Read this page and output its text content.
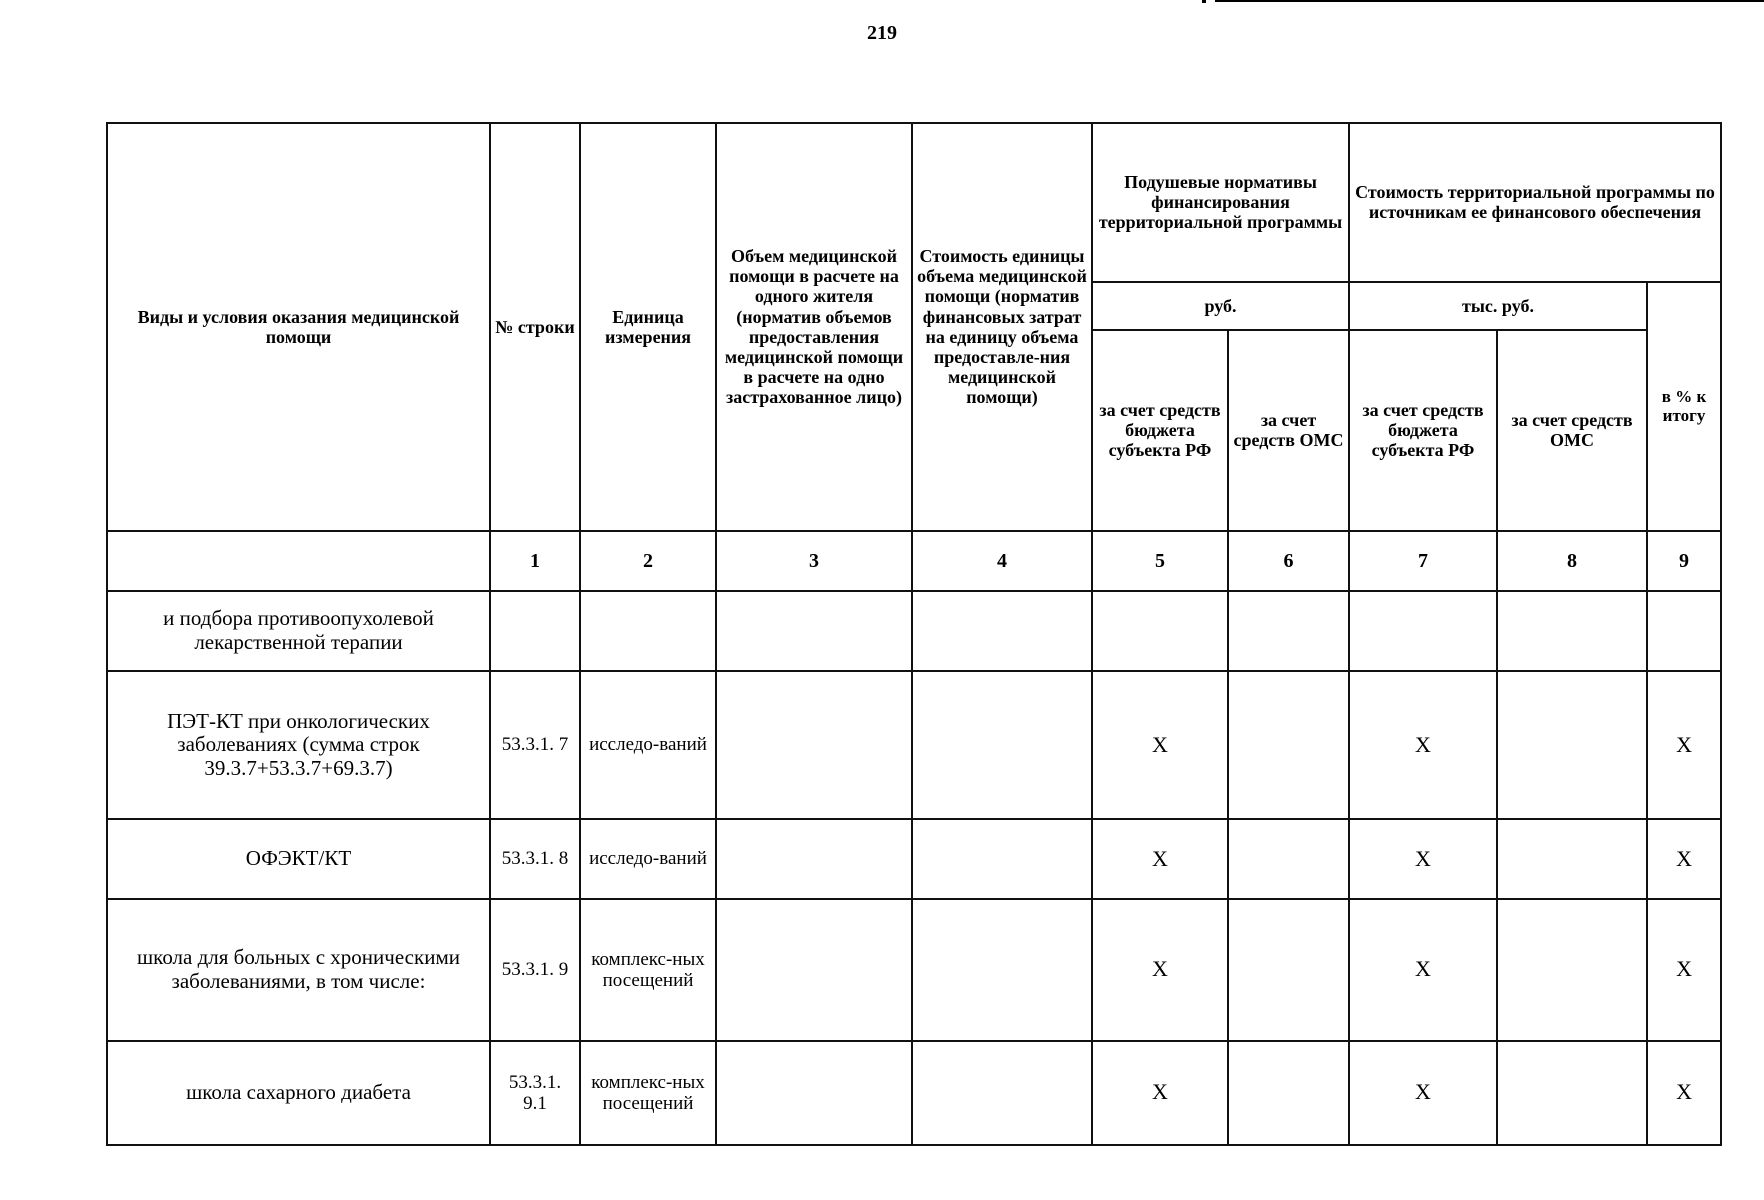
219
Виды и условия оказания медицинской помощи	№ строки	Единица измерения	Объем медицинской помощи в расчете на одного жителя (норматив объемов предоставления медицинской помощи в расчете на одно застрахованное лицо)	Стоимость единицы объема медицинской помощи (норматив финансовых затрат на единицу объема предоставле-ния медицинской помощи)	Подушевые нормативы финансирования территориальной программы		Стоимость территориальной программы по источникам ее финансового обеспечения		
					руб.		тыс. руб.		в % к итогу
					за счет средств бюджета субъекта РФ	за счет средств ОМС	за счет средств бюджета субъекта РФ	за счет средств ОМС	
	1	2	3	4	5	6	7	8	9
и подбора противоопухолевой лекарственной терапии									
ПЭТ-КТ при онкологических заболеваниях (сумма строк 39.3.7+53.3.7+69.3.7)	53.3.1. 7	исследо-ваний			Х		Х		Х
ОФЭКТ/КТ	53.3.1. 8	исследо-ваний			Х		Х		Х
школа для больных с хроническими заболеваниями, в том числе:	53.3.1. 9	комплекс-ных посещений			Х		Х		Х
школа сахарного диабета	53.3.1. 9.1	комплекс-ных посещений			Х		Х		Х
